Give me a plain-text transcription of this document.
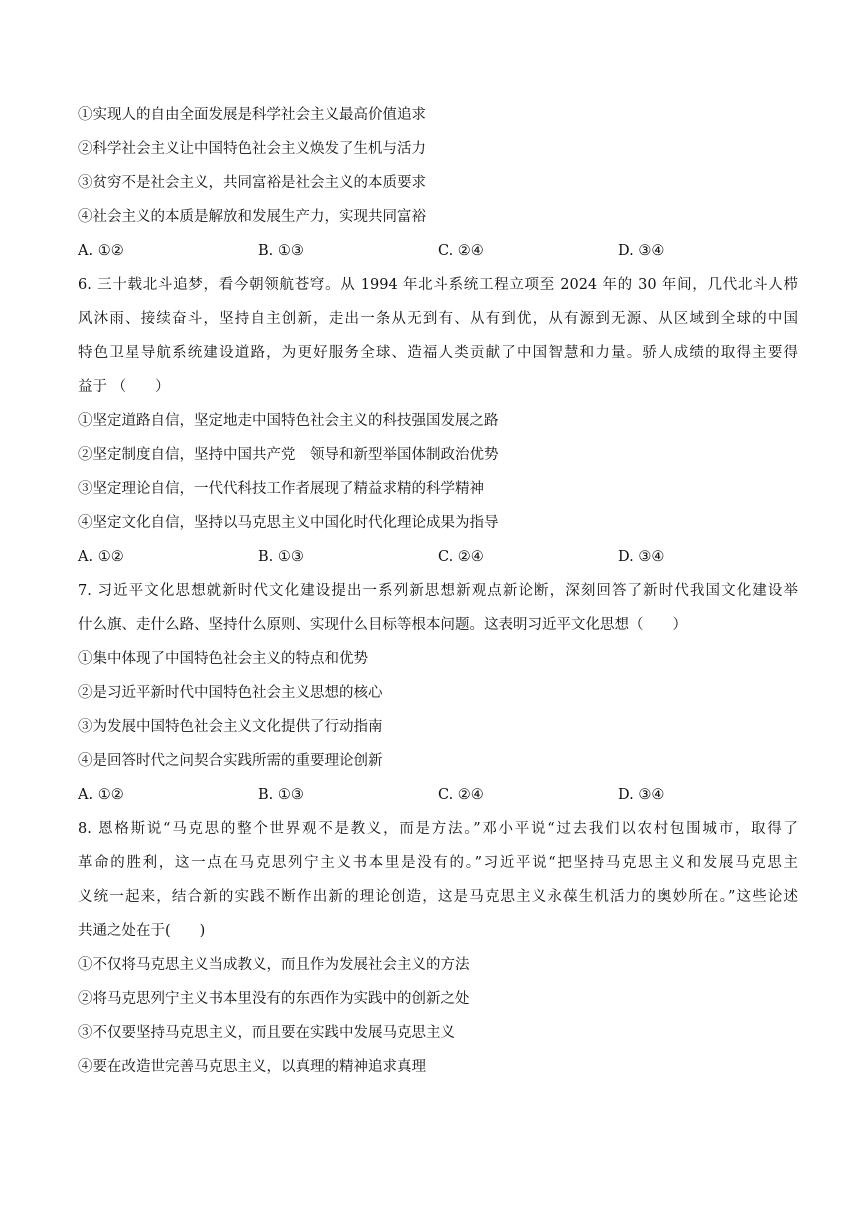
①实现人的自由全面发展是科学社会主义最高价值追求
②科学社会主义让中国特色社会主义焕发了生机与活力
③贫穷不是社会主义，共同富裕是社会主义的本质要求
④社会主义的本质是解放和发展生产力，实现共同富裕
A. ①②	B. ①③	C. ②④	D. ③④
6. 三十载北斗追梦，看今朝领航苍穹。从 1994 年北斗系统工程立项至 2024 年的 30 年间，几代北斗人栉
风沐雨、接续奋斗，坚持自主创新，走出一条从无到有、从有到优，从有源到无源、从区域到全球的中国
特色卫星导航系统建设道路，为更好服务全球、造福人类贡献了中国智慧和力量。骄人成绩的取得主要得
益于 （　　）
①坚定道路自信，坚定地走中国特色社会主义的科技强国发展之路
②坚定制度自信，坚持中国共产党　领导和新型举国体制政治优势
③坚定理论自信，一代代科技工作者展现了精益求精的科学精神
④坚定文化自信，坚持以马克思主义中国化时代化理论成果为指导
A. ①②	B. ①③	C. ②④	D. ③④
7. 习近平文化思想就新时代文化建设提出一系列新思想新观点新论断，深刻回答了新时代我国文化建设举
什么旗、走什么路、坚持什么原则、实现什么目标等根本问题。这表明习近平文化思想（　　）
①集中体现了中国特色社会主义的特点和优势
②是习近平新时代中国特色社会主义思想的核心
③为发展中国特色社会主义文化提供了行动指南
④是回答时代之问契合实践所需的重要理论创新
A. ①②	B. ①③	C. ②④	D. ③④
8. 恩格斯说“马克思的整个世界观不是教义，而是方法。”邓小平说“过去我们以农村包围城市，取得了
革命的胜利，这一点在马克思列宁主义书本里是没有的。”习近平说“把坚持马克思主义和发展马克思主
义统一起来，结合新的实践不断作出新的理论创造，这是马克思主义永葆生机活力的奥妙所在。”这些论述
共通之处在于(　　)
①不仅将马克思主义当成教义，而且作为发展社会主义的方法
②将马克思列宁主义书本里没有的东西作为实践中的创新之处
③不仅要坚持马克思主义，而且要在实践中发展马克思主义
④要在改造世完善马克思主义，以真理的精神追求真理
